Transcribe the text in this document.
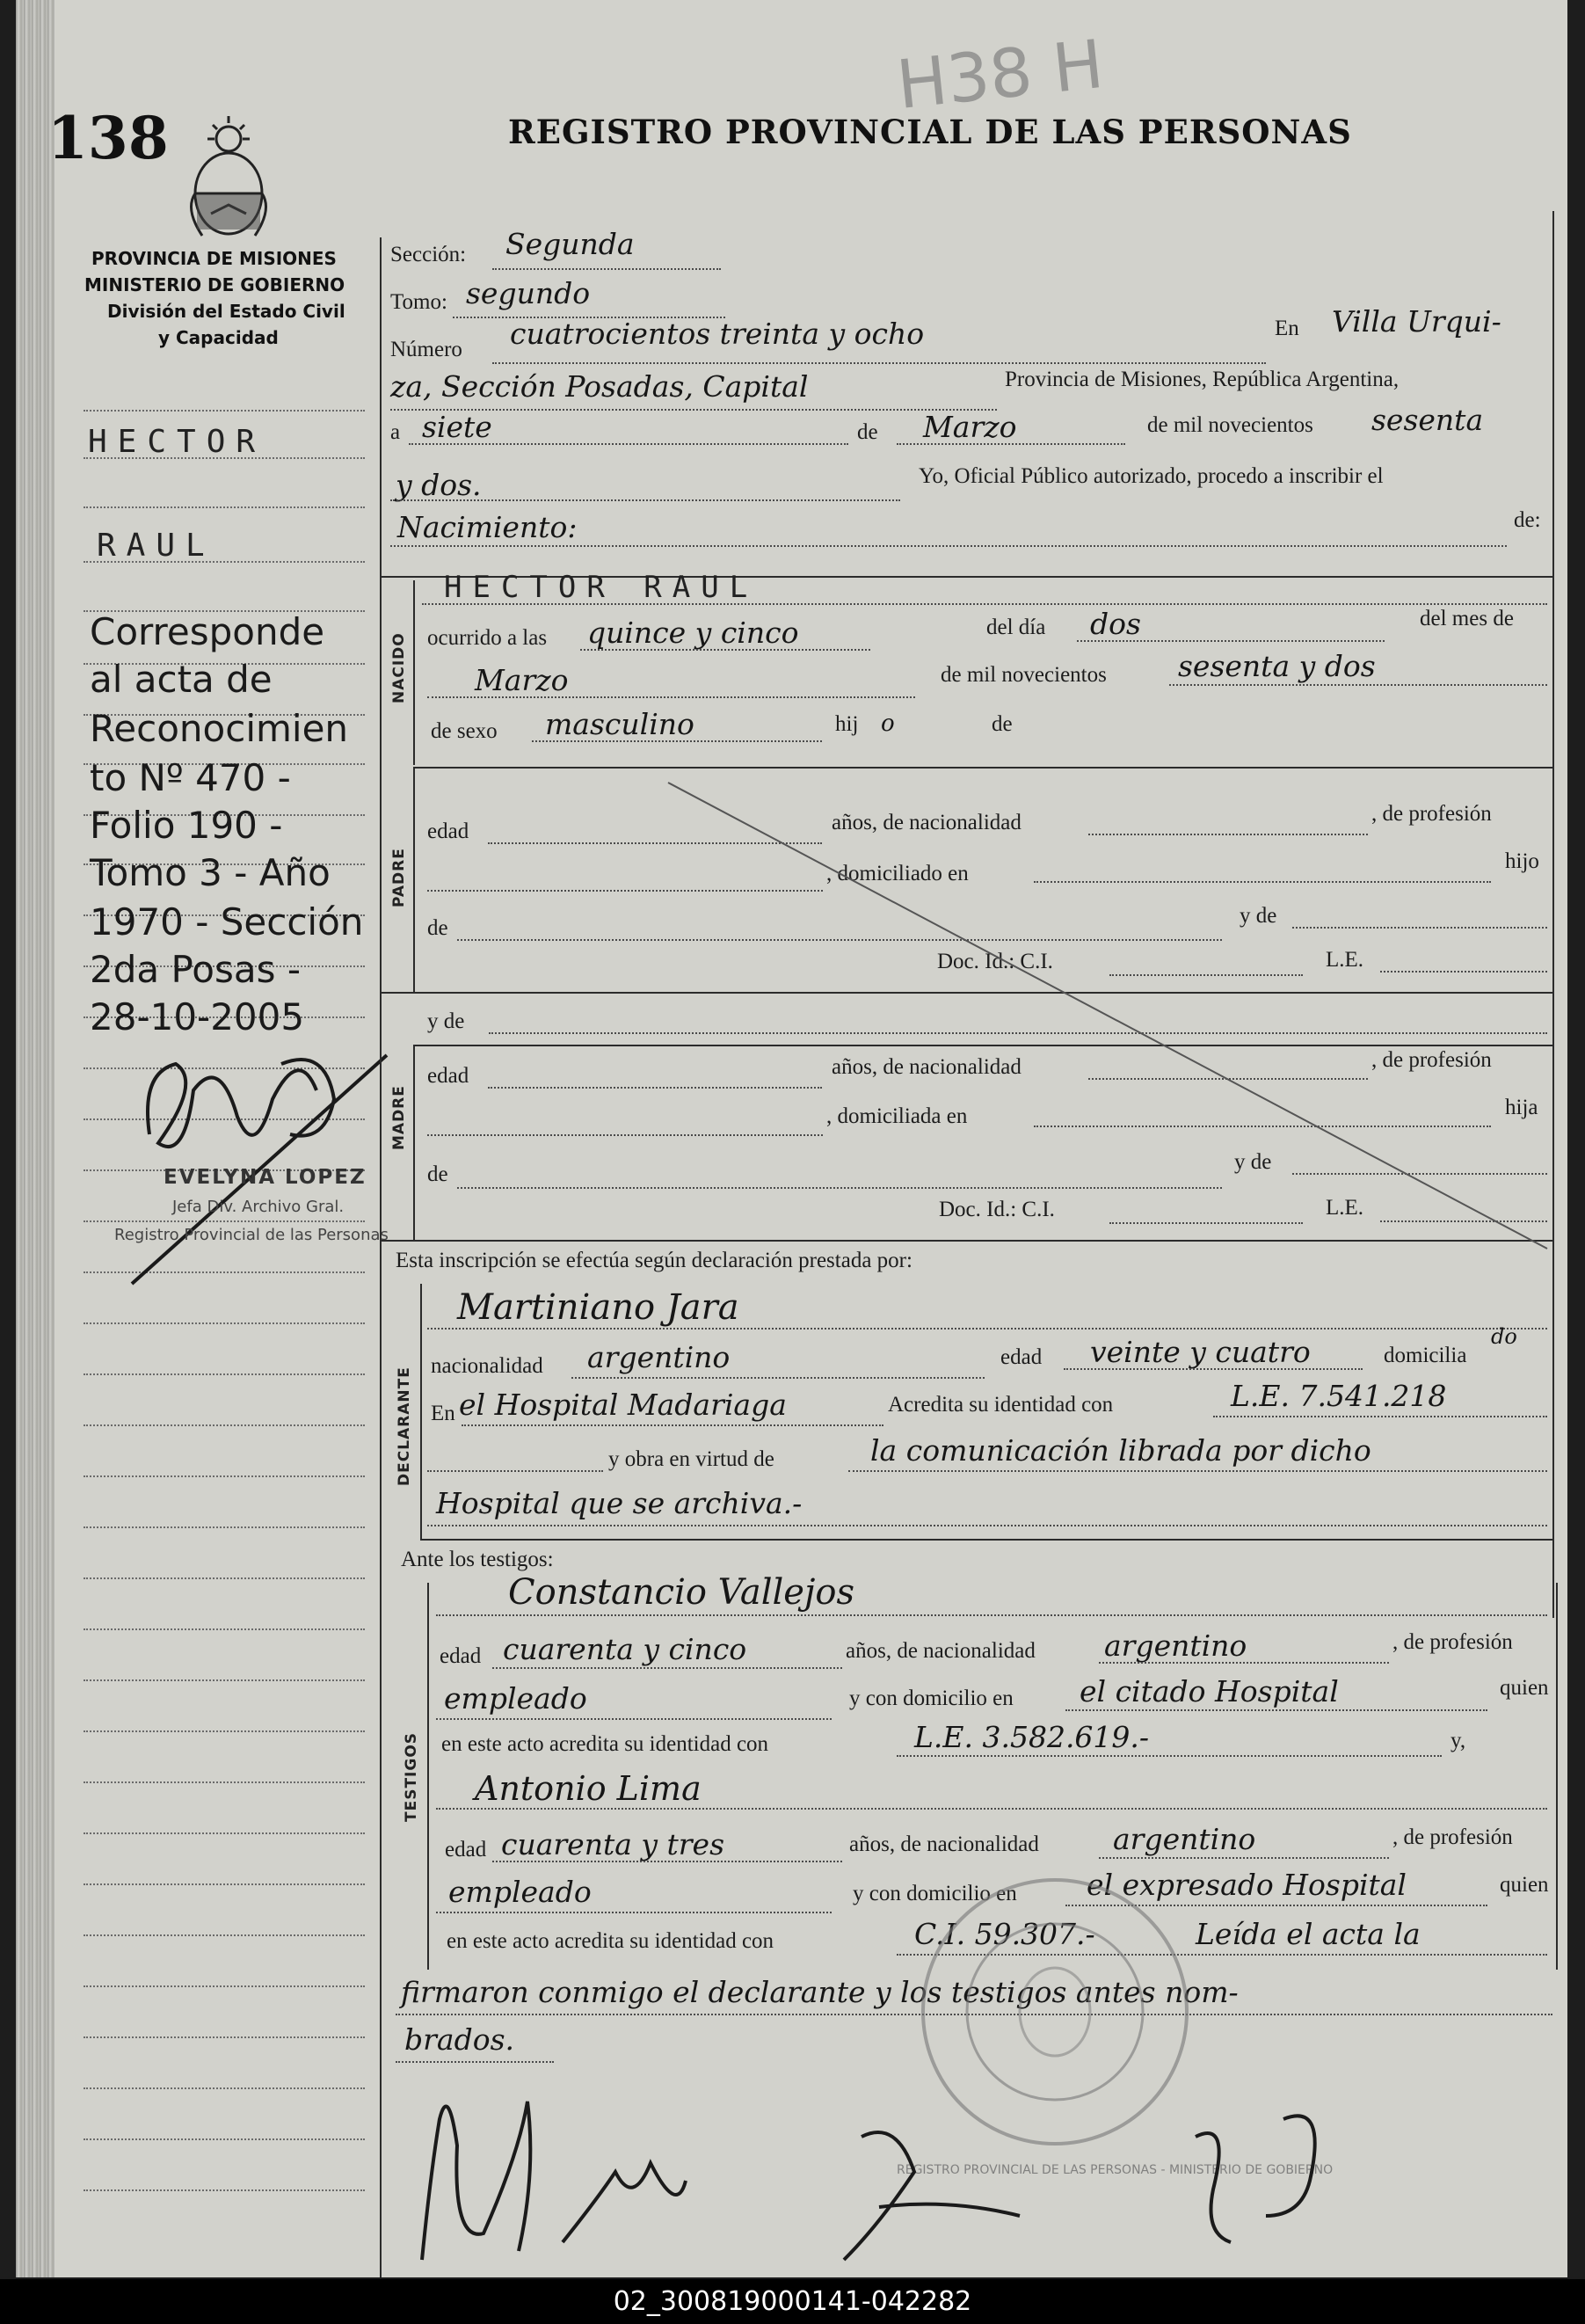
138
H38 H
REGISTRO PROVINCIAL DE LAS PERSONAS
PROVINCIA DE MISIONES
MINISTERIO DE GOBIERNO
División del Estado Civil
y Capacidad
HECTOR
RAUL
Corresponde
al acta de
Reconocimien
to Nº 470 -
Folio 190 -
Tomo 3 - Año
1970 - Sección
2da Posas -
28-10-2005
EVELYNA LOPEZ
Jefa Div. Archivo Gral.
Registro Provincial de las Personas
Sección: Segunda
Tomo: segundo
Número cuatrocientos treinta y ocho	En Villa Urqui-
za, Sección Posadas, Capital	Provincia de Misiones, República Argentina,
a siete	de Marzo	de mil novecientos sesenta
y dos.	Yo, Oficial Público autorizado, procedo a inscribir el
Nacimiento:	de:
NACIDO
HECTOR RAUL
ocurrido a las quince y cinco	del día dos	del mes de
Marzo	de mil novecientos sesenta y dos
de sexo masculino	hij o	de
PADRE
edad	años, de nacionalidad	, de profesión
, domiciliado en
hijo
de
y de
Doc. Id.: C.I.	L.E.
y de
MADRE
edad	años, de nacionalidad	, de profesión
, domiciliada en	hija
de
y de
Doc. Id.: C.I.	L.E.
Esta inscripción se efectúa según declaración prestada por:
DECLARANTE
Martiniano Jara
nacionalidad argentino	edad veinte y cuatro	domicilia
do
En el Hospital Madariaga	Acredita su identidad con	L.E. 7.541.218
y obra en virtud de	la comunicación librada por dicho
Hospital que se archiva.-
Ante los testigos:
TESTIGOS
Constancio Vallejos
edad cuarenta y cinco	años, de nacionalidad argentino	, de profesión
empleado	y con domicilio en el citado Hospital	quien
en este acto acredita su identidad con	L.E. 3.582.619.-	y,
Antonio Lima
edad cuarenta y tres	años, de nacionalidad	argentino	, de profesión
empleado	y con domicilio en el expresado Hospital	quien
en este acto acredita su identidad con	C.I. 59.307.-	Leída el acta la
firmaron conmigo el declarante y los testigos antes nom-
brados.
REGISTRO PROVINCIAL DE LAS PERSONAS - MINISTERIO DE GOBIERNO
02_300819000141-042282
